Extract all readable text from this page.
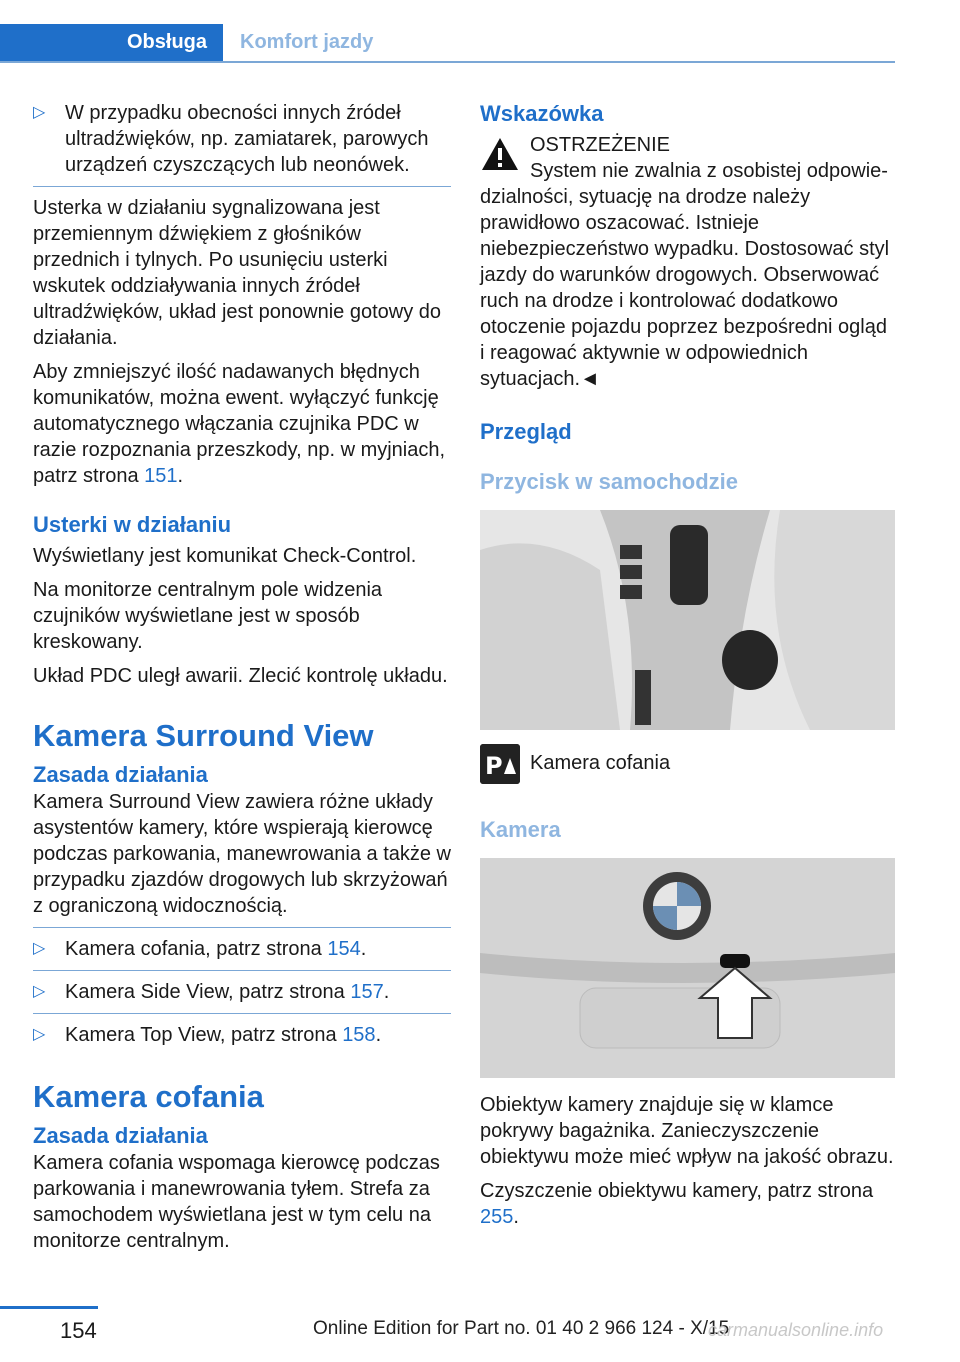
Obsługa	Komfort jazdy
▷ W przypadku obecności innych źródeł ultradźwięków, np. zamiatarek, parowych urządzeń czyszczących lub neonówek.

Usterka w działaniu sygnalizowana jest przemiennym dźwiękiem z głośników przednich i tylnych. Po usunięciu usterki wskutek oddziaływania innych źródeł ultradźwięków, układ jest ponownie gotowy do działania.

Aby zmniejszyć ilość nadawanych błędnych komunikatów, można ewent. wyłączyć funkcję automatycznego włączania czujnika PDC w razie rozpoznania przeszkody, np. w myjniach, patrz strona 151.

Usterki w działaniu

Wyświetlany jest komunikat Check-Control.

Na monitorze centralnym pole widzenia czujników wyświetlane jest w sposób kreskowany.

Układ PDC uległ awarii. Zlecić kontrolę układu.

Kamera Surround View
Zasada działania

Kamera Surround View zawiera różne układy asystentów kamery, które wspierają kierowcę podczas parkowania, manewrowania a także w przypadku zjazdów drogowych lub skrzyżowań z ograniczoną widocznością.

▷ Kamera cofania, patrz strona 154.
▷ Kamera Side View, patrz strona 157.
▷ Kamera Top View, patrz strona 158.
Kamera cofania
Zasada działania

Kamera cofania wspomaga kierowcę podczas parkowania i manewrowania tyłem. Strefa za samochodem wyświetlana jest w tym celu na monitorze centralnym.

Wskazówka
OSTRZEŻENIE
System nie zwalnia z osobistej odpowie-

dzialności, sytuację na drodze należy prawidłowo oszacować. Istnieje niebezpieczeństwo wypadku. Dostosować styl jazdy do warunków drogowych. Obserwować ruch na drodze i kontrolować dodatkowo otoczenie pojazdu poprzez bezpośredni ogląd i reagować aktywnie w odpowiednich sytuacjach.◄

Przegląd
Przycisk w samochodzie
P Kamera cofania
Kamera

Obiektyw kamery znajduje się w klamce pokrywy bagażnika. Zanieczyszczenie obiektywu może mieć wpływ na jakość obrazu.

Czyszczenie obiektywu kamery, patrz strona 255.

154	Online Edition for Part no. 01 40 2 966 124 - X/15
carmanualsonline.info
